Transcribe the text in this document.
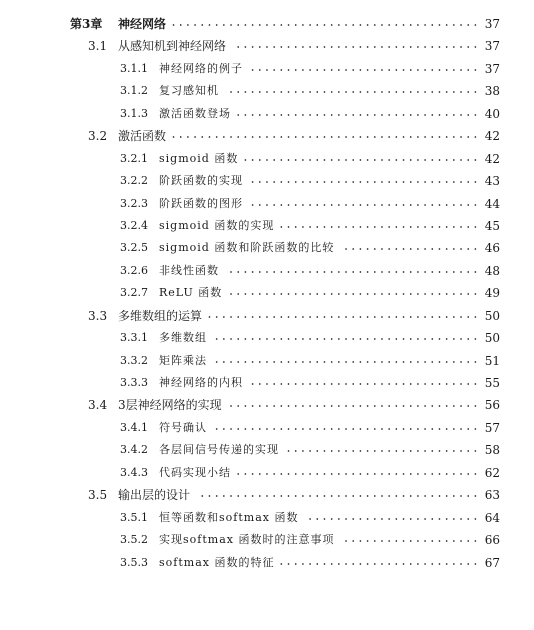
第3章 神经网络	37
3.1 从感知机到神经网络	37
3.1.1 神经网络的例子	37
3.1.2 复习感知机	38
3.1.3 激活函数登场	40
3.2 激活函数	42
3.2.1 sigmoid 函数	42
3.2.2 阶跃函数的实现	43
3.2.3 阶跃函数的图形	44
3.2.4 sigmoid 函数的实现	45
3.2.5 sigmoid 函数和阶跃函数的比较	46
3.2.6 非线性函数	48
3.2.7 ReLU 函数	49
3.3 多维数组的运算	50
3.3.1 多维数组	50
3.3.2 矩阵乘法	51
3.3.3 神经网络的内积	55
3.4 3层神经网络的实现	56
3.4.1 符号确认	57
3.4.2 各层间信号传递的实现	58
3.4.3 代码实现小结	62
3.5 输出层的设计	63
3.5.1 恒等函数和softmax 函数	64
3.5.2 实现softmax 函数时的注意事项	66
3.5.3 softmax 函数的特征	67
